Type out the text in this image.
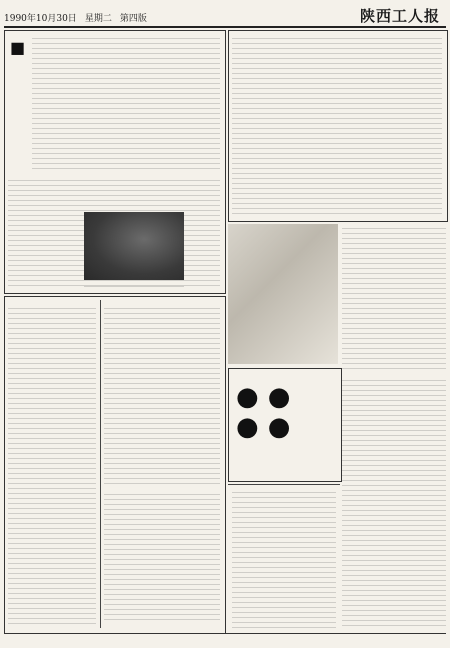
1990年10月30日 星期二 第四版	陕西工人报
■
● ●
● ●
